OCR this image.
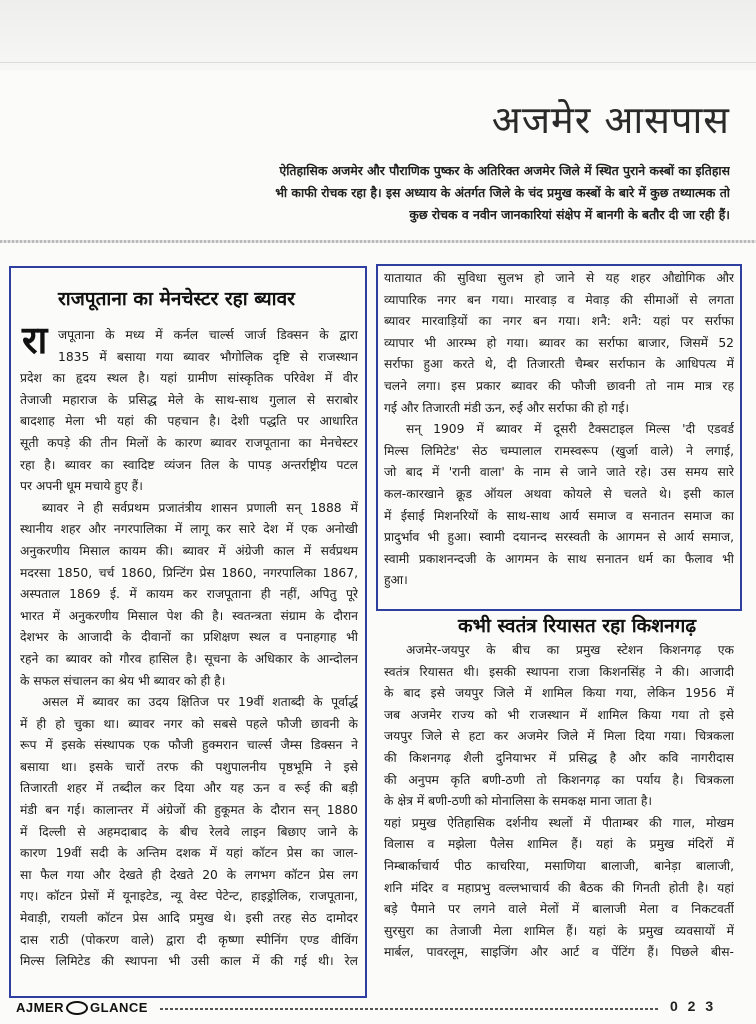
अजमेर आसपास
ऐतिहासिक अजमेर और पौराणिक पुष्कर के अतिरिक्त अजमेर जिले में स्थित पुराने कस्बों का इतिहास
भी काफी रोचक रहा है। इस अध्याय के अंतर्गत जिले के चंद प्रमुख कस्बों के बारे में कुछ तथ्यात्मक तो
कुछ रोचक व नवीन जानकारियां संक्षेप में बानगी के बतौर दी जा रही हैं।
राजपूताना का मेनचेस्टर रहा ब्यावर
रा जपूताना के मध्य में कर्नल चार्ल्स जार्ज डिक्सन के द्वारा
1835 में बसाया गया ब्यावर भौगोलिक दृष्टि से राजस्थान
प्रदेश का हृदय स्थल है। यहां ग्रामीण सांस्कृतिक परिवेश में वीर
तेजाजी महाराज के प्रसिद्ध मेले के साथ-साथ गुलाल से सराबोर
बादशाह मेला भी यहां की पहचान है। देशी पद्धति पर आधारित
सूती कपड़े की तीन मिलों के कारण ब्यावर राजपूताना का मेनचेस्टर
रहा है। ब्यावर का स्वादिष्ट व्यंजन तिल के पापड़ अन्तर्राष्ट्रीय पटल
पर अपनी धूम मचाये हुए हैं।
ब्यावर ने ही सर्वप्रथम प्रजातंत्रीय शासन प्रणाली सन् 1888 में
स्थानीय शहर और नगरपालिका में लागू कर सारे देश में एक अनोखी
अनुकरणीय मिसाल कायम की। ब्यावर में अंग्रेजी काल में सर्वप्रथम
मदरसा 1850, चर्च 1860, प्रिन्टिंग प्रेस 1860, नगरपालिका 1867,
अस्पताल 1869 ई. में कायम कर राजपूताना ही नहीं, अपितु पूरे
भारत में अनुकरणीय मिसाल पेश की है। स्वतन्त्रता संग्राम के दौरान
देशभर के आजादी के दीवानों का प्रशिक्षण स्थल व पनाहगाह भी
रहने का ब्यावर को गौरव हासिल है। सूचना के अधिकार के आन्दोलन
के सफल संचालन का श्रेय भी ब्यावर को ही है।
असल में ब्यावर का उदय क्षितिज पर 19वीं शताब्दी के पूर्वार्द्ध
में ही हो चुका था। ब्यावर नगर को सबसे पहले फौजी छावनी के
रूप में इसके संस्थापक एक फौजी हुक्मरान चार्ल्स जैम्स डिक्सन ने
बसाया था। इसके चारों तरफ की पशुपालनीय पृष्ठभूमि ने इसे
तिजारती शहर में तब्दील कर दिया और यह ऊन व रूई की बड़ी
मंडी बन गई। कालान्तर में अंग्रेजों की हुकूमत के दौरान सन् 1880
में दिल्ली से अहमदाबाद के बीच रेलवे लाइन बिछाए जाने के
कारण 19वीं सदी के अन्तिम दशक में यहां कॉटन प्रेस का जाल-
सा फैल गया और देखते ही देखते 20 के लगभग कॉटन प्रेस लग
गए। कॉटन प्रेसों में यूनाइटेड, न्यू वेस्ट पेटेन्ट, हाइड्रोलिक, राजपूताना,
मेवाड़ी, रायली कॉटन प्रेस आदि प्रमुख थे। इसी तरह सेठ दामोदर
दास राठी (पोकरण वाले) द्वारा दी कृष्णा स्पीनिंग एण्ड वीविंग
मिल्स लिमिटेड की स्थापना भी उसी काल में की गई थी। रेल
यातायात की सुविधा सुलभ हो जाने से यह शहर औद्योगिक और
व्यापारिक नगर बन गया। मारवाड़ व मेवाड़ की सीमाओं से लगता
ब्यावर मारवाड़ियों का नगर बन गया। शनै: शनै: यहां पर सर्राफा
व्यापार भी आरम्भ हो गया। ब्यावर का सर्राफा बाजार, जिसमें 52
सर्राफा हुआ करते थे, दी तिजारती चैम्बर सर्राफान के आधिपत्य में
चलने लगा। इस प्रकार ब्यावर की फौजी छावनी तो नाम मात्र रह
गई और तिजारती मंडी ऊन, रुई और सर्राफा की हो गई।
सन् 1909 में ब्यावर में दूसरी टैक्सटाइल मिल्स 'दी एडवर्ड
मिल्स लिमिटेड' सेठ चम्पालाल रामस्वरूप (खुर्जा वाले) ने लगाई,
जो बाद में 'रानी वाला' के नाम से जाने जाते रहे। उस समय सारे
कल-कारखाने क्रूड ऑयल अथवा कोयले से चलते थे। इसी काल
में ईसाई मिशनरियों के साथ-साथ आर्य समाज व सनातन समाज का
प्रादुर्भाव भी हुआ। स्वामी दयानन्द सरस्वती के आगमन से आर्य समाज,
स्वामी प्रकाशनन्दजी के आगमन के साथ सनातन धर्म का फैलाव भी
हुआ।
कभी स्वतंत्र रियासत रहा किशनगढ़
अजमेर-जयपुर के बीच का प्रमुख स्टेशन किशनगढ़ एक
स्वतंत्र रियासत थी। इसकी स्थापना राजा किशनसिंह ने की। आजादी
के बाद इसे जयपुर जिले में शामिल किया गया, लेकिन 1956 में
जब अजमेर राज्य को भी राजस्थान में शामिल किया गया तो इसे
जयपुर जिले से हटा कर अजमेर जिले में मिला दिया गया। चित्रकला
की किशनगढ़ शैली दुनियाभर में प्रसिद्ध है और कवि नागरीदास
की अनुपम कृति बणी-ठणी तो किशनगढ़ का पर्याय है। चित्रकला
के क्षेत्र में बणी-ठणी को मोनालिसा के समकक्ष माना जाता है।
यहां प्रमुख ऐतिहासिक दर्शनीय स्थलों में पीताम्बर की गाल, मोखम
विलास व मझेला पैलेस शामिल हैं। यहां के प्रमुख मंदिरों में
निम्बार्काचार्य पीठ काचरिया, मसाणिया बालाजी, बानेड़ा बालाजी,
शनि मंदिर व महाप्रभु वल्लभाचार्य की बैठक की गिनती होती है। यहां
बड़े पैमाने पर लगने वाले मेलों में बालाजी मेला व निकटवर्ती
सुरसुरा का तेजाजी मेला शामिल हैं। यहां के प्रमुख व्यवसायों में
मार्बल, पावरलूम, साइजिंग और आर्ट व पेंटिंग हैं। पिछले बीस-
AJMER GLANCE	0 2 3
